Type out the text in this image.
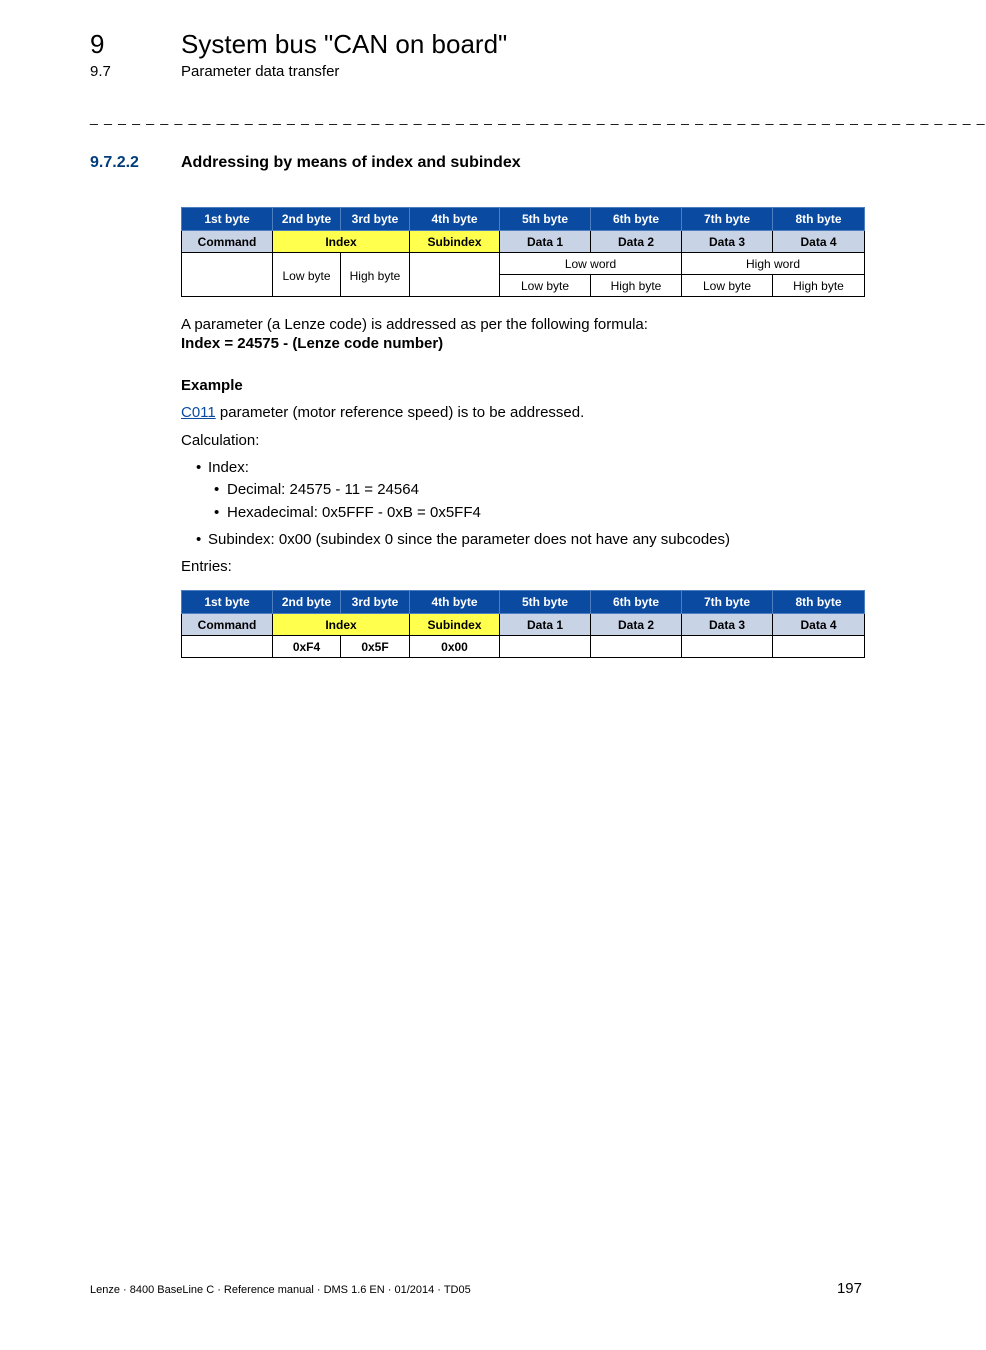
9	System bus "CAN on board"
9.7	Parameter data transfer
_ _ _ _ _ _ _ _ _ _ _ _ _ _ _ _ _ _ _ _ _ _ _ _ _ _ _ _ _ _ _ _ _ _ _ _ _ _ _ _ _ _ _ _ _ _ _ _ _ _ _ _ _ _ _ _ _ _ _ _ _ _ _ _
9.7.2.2	Addressing by means of index and subindex
1st byte	2nd byte	3rd byte	4th byte	5th byte	6th byte	7th byte	8th byte
Command	Index		Subindex	Data 1	Data 2	Data 3	Data 4
	Low byte	High byte		Low word		High word	
				Low byte	High byte	Low byte	High byte
A parameter (a Lenze code) is addressed as per the following formula:
Index = 24575 - (Lenze code number)
Example
C011 parameter (motor reference speed) is to be addressed.
Calculation:
• Index:
• Decimal: 24575 - 11 = 24564
• Hexadecimal: 0x5FFF - 0xB = 0x5FF4
• Subindex: 0x00 (subindex 0 since the parameter does not have any subcodes)
Entries:
1st byte	2nd byte	3rd byte	4th byte	5th byte	6th byte	7th byte	8th byte
Command	Index		Subindex	Data 1	Data 2	Data 3	Data 4
	0xF4	0x5F	0x00				
Lenze · 8400 BaseLine C · Reference manual · DMS 1.6 EN · 01/2014 · TD05	197
